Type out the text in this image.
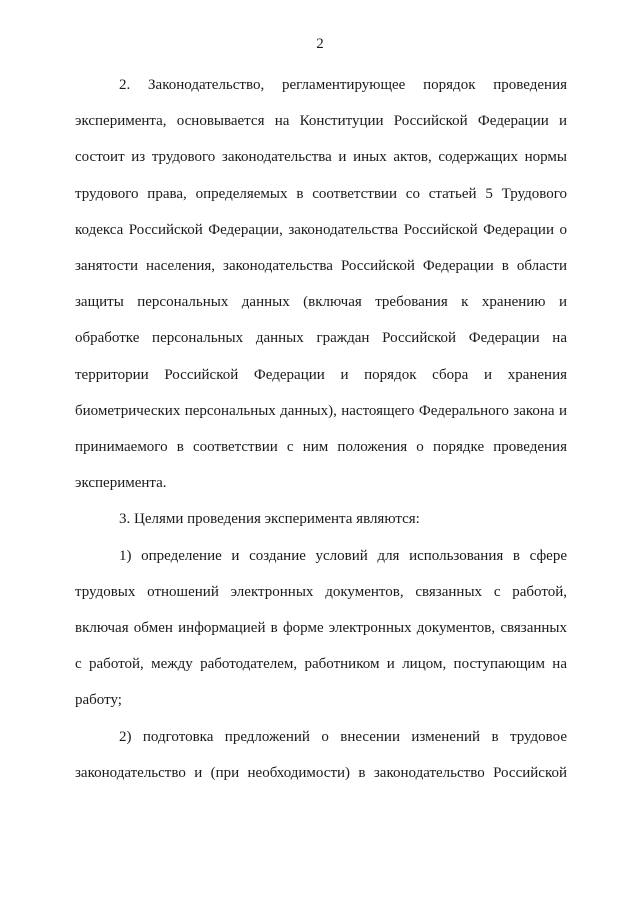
2

2. Законодательство, регламентирующее порядок проведения эксперимента, основывается на Конституции Российской Федерации и состоит из трудового законодательства и иных актов, содержащих нормы трудового права, определяемых в соответствии со статьей 5 Трудового кодекса Российской Федерации, законодательства Российской Федерации о занятости населения, законодательства Российской Федерации в области защиты персональных данных (включая требования к хранению и обработке персональных данных граждан Российской Федерации на территории Российской Федерации и порядок сбора и хранения биометрических персональных данных), настоящего Федерального закона и принимаемого в соответствии с ним положения о порядке проведения эксперимента.

3. Целями проведения эксперимента являются:

1) определение и создание условий для использования в сфере трудовых отношений электронных документов, связанных с работой, включая обмен информацией в форме электронных документов, связанных с работой, между работодателем, работником и лицом, поступающим на работу;

2) подготовка предложений о внесении изменений в трудовое законодательство и (при необходимости) в законодательство Российской
